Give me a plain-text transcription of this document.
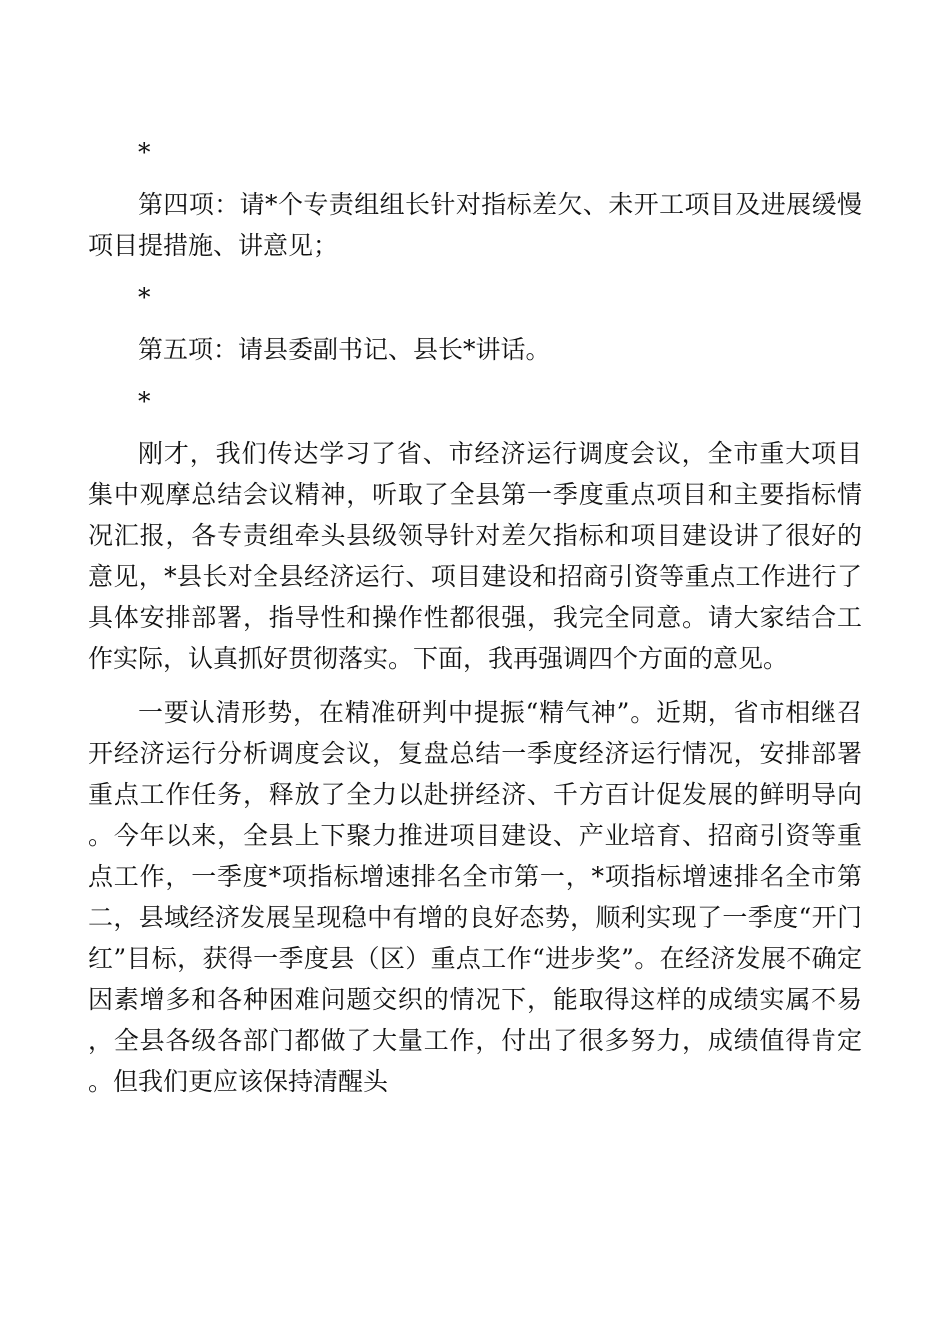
*

第四项：请*个专责组组长针对指标差欠、未开工项目及进展缓慢项目提措施、讲意见；

*

第五项：请县委副书记、县长*讲话。

*

刚才，我们传达学习了省、市经济运行调度会议，全市重大项目集中观摩总结会议精神，听取了全县第一季度重点项目和主要指标情况汇报，各专责组牵头县级领导针对差欠指标和项目建设讲了很好的意见，*县长对全县经济运行、项目建设和招商引资等重点工作进行了具体安排部署，指导性和操作性都很强，我完全同意。请大家结合工作实际，认真抓好贯彻落实。下面，我再强调四个方面的意见。

一要认清形势，在精准研判中提振“精气神”。近期，省市相继召开经济运行分析调度会议，复盘总结一季度经济运行情况，安排部署重点工作任务，释放了全力以赴拼经济、千方百计促发展的鲜明导向。今年以来，全县上下聚力推进项目建设、产业培育、招商引资等重点工作，一季度*项指标增速排名全市第一，*项指标增速排名全市第二，县域经济发展呈现稳中有增的良好态势，顺利实现了一季度“开门红”目标，获得一季度县（区）重点工作“进步奖”。在经济发展不确定因素增多和各种困难问题交织的情况下，能取得这样的成绩实属不易，全县各级各部门都做了大量工作，付出了很多努力，成绩值得肯定。但我们更应该保持清醒头
